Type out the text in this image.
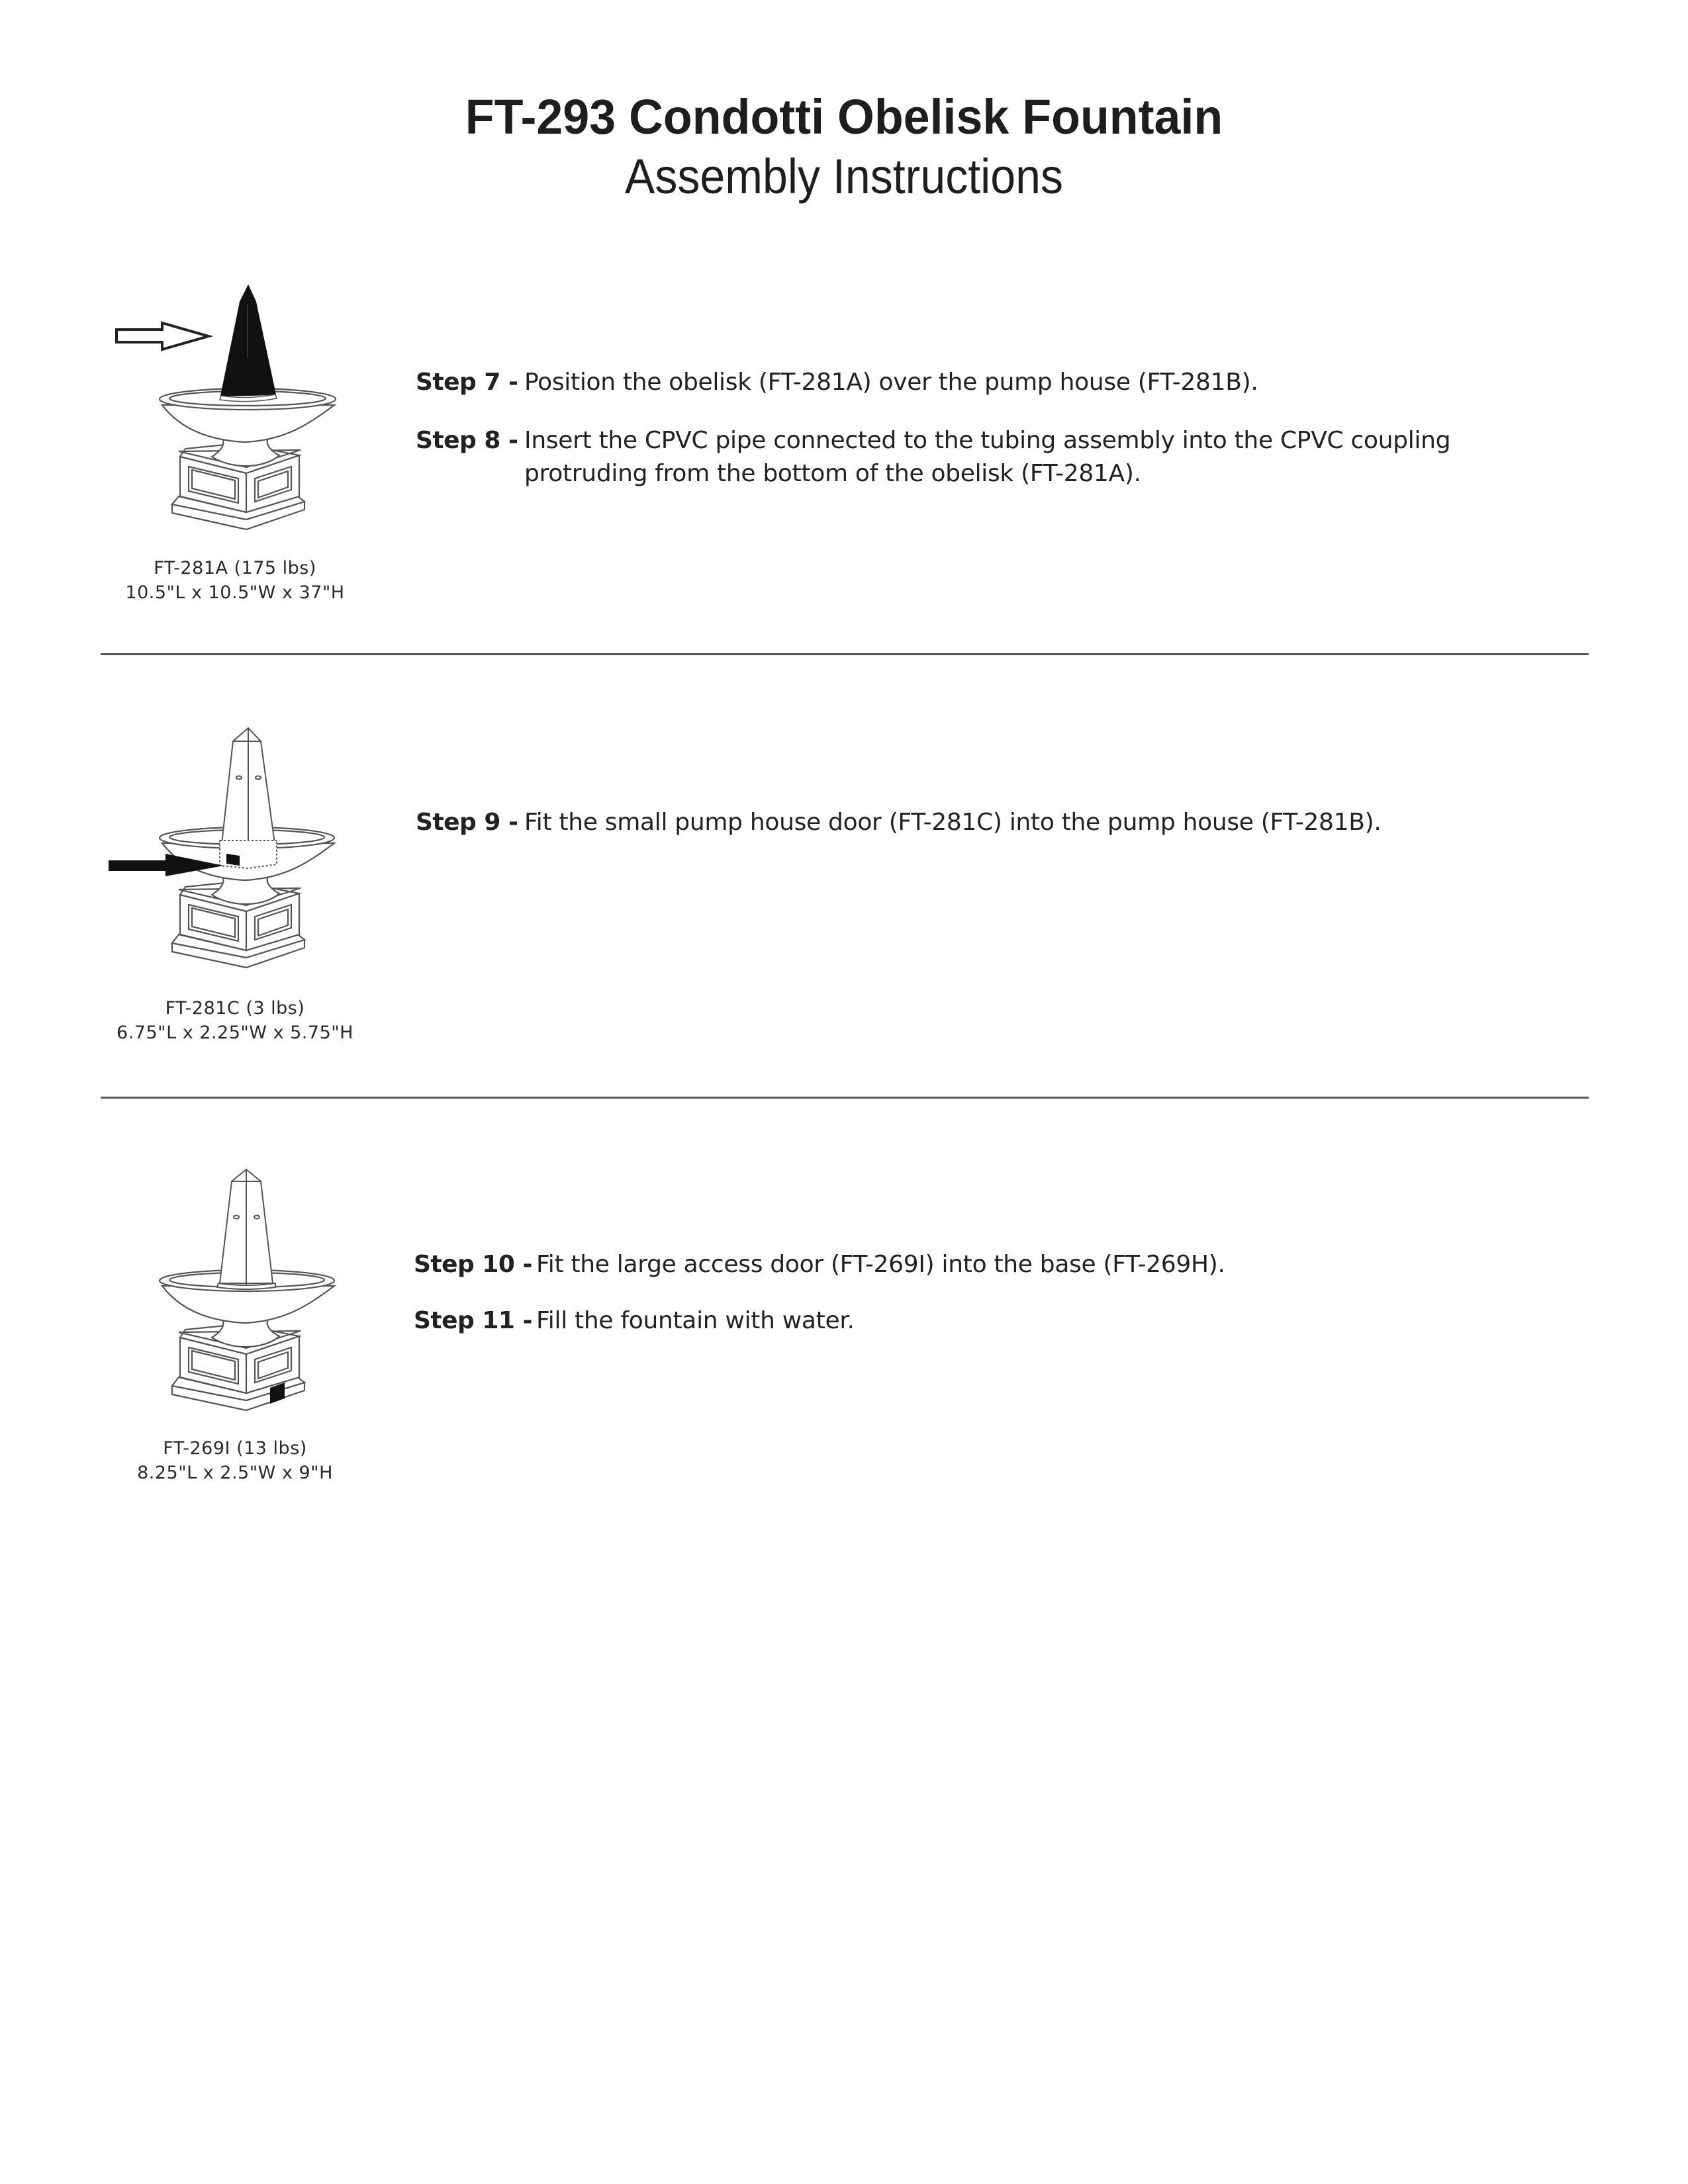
FT-293 Condotti Obelisk Fountain
Assembly Instructions
FT-281A (175 lbs)
10.5"L x 10.5"W x 37"H
Step 7 - Position the obelisk (FT-281A) over the pump house (FT-281B).
Step 8 - Insert the CPVC pipe connected to the tubing assembly into the CPVC coupling protruding from the bottom of the obelisk (FT-281A).
FT-281C (3 lbs)
6.75"L x 2.25"W x 5.75"H
Step 9 - Fit the small pump house door (FT-281C) into the pump house (FT-281B).
FT-269I (13 lbs)
8.25"L x 2.5"W x 9"H
Step 10 - Fit the large access door (FT-269I) into the base (FT-269H).
Step 11 - Fill the fountain with water.
